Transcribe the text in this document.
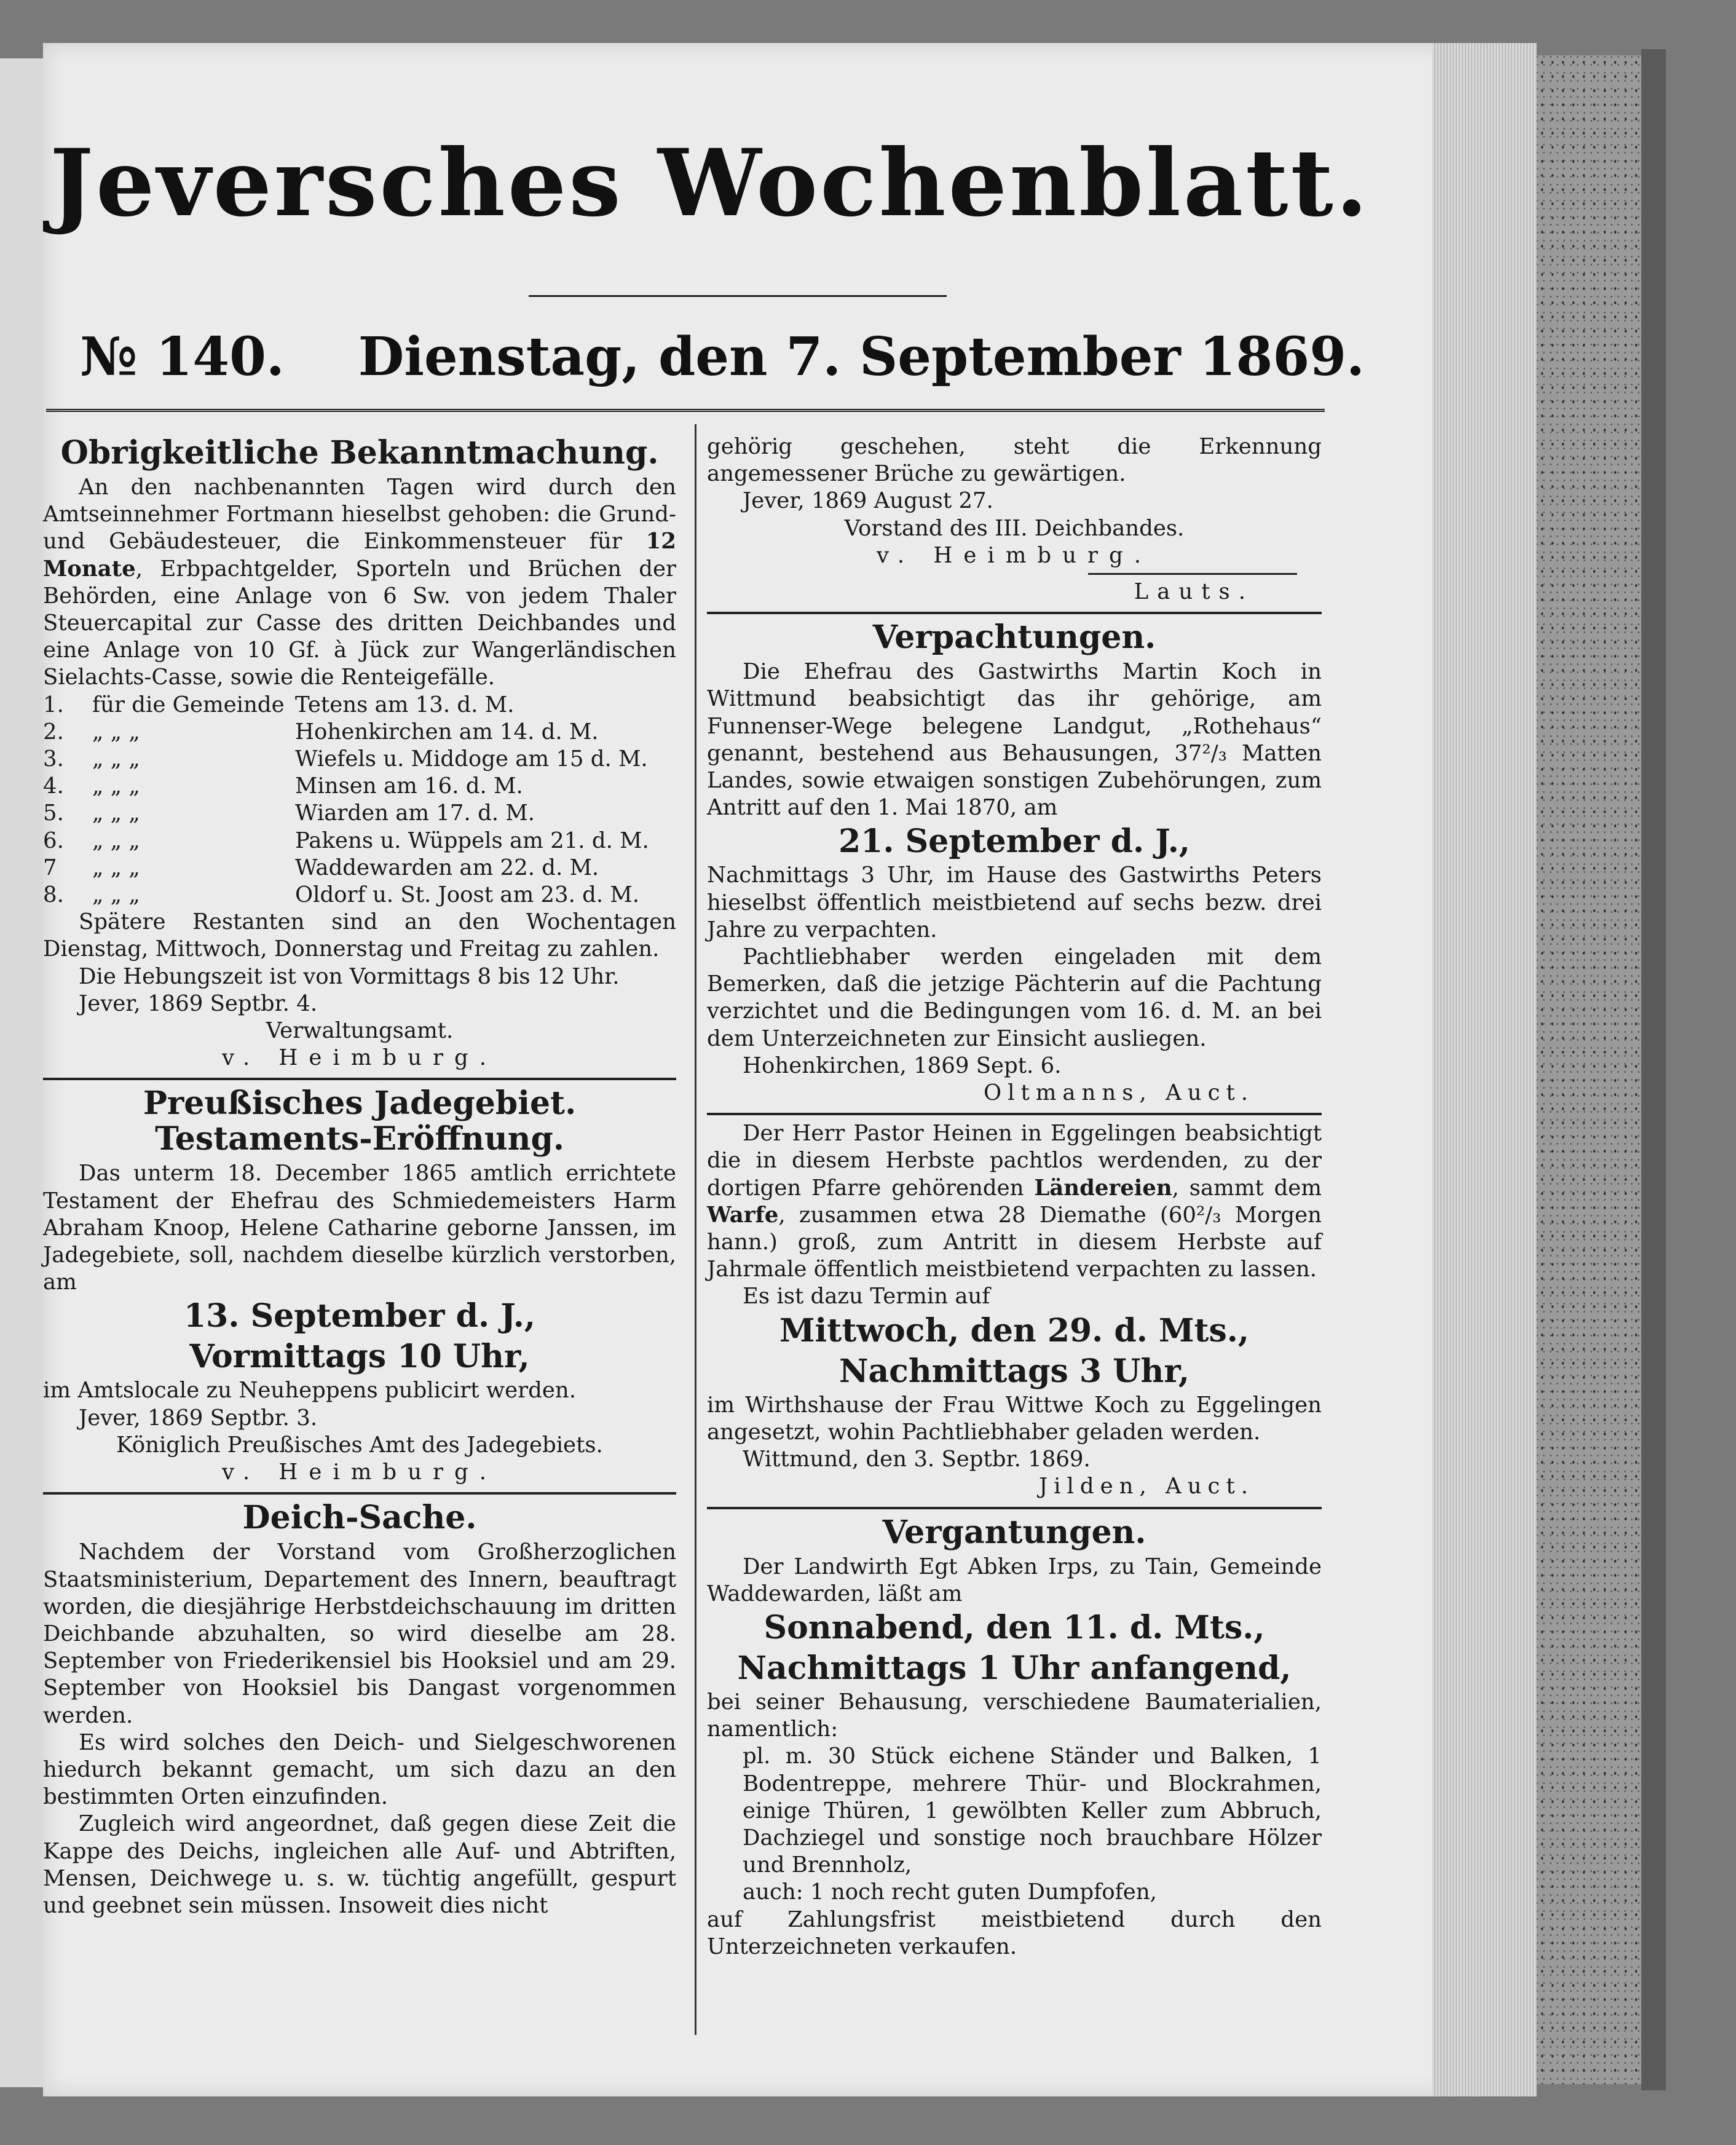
Jeversches Wochenblatt.
№ 140. Dienstag, den 7. September 1869.
Obrigkeitliche Bekanntmachung.

An den nachbenannten Tagen wird durch den Amtseinnehmer Fortmann hieselbst gehoben: die Grund- und Gebäudesteuer, die Einkommensteuer für 12 Monate, Erbpachtgelder, Sporteln und Brüchen der Behörden, eine Anlage von 6 Sw. von jedem Thaler Steuercapital zur Casse des dritten Deichbandes und eine Anlage von 10 Gf. à Jück zur Wangerländischen Sielachts-Casse, sowie die Renteigefälle.

1.	für die Gemeinde Tetens am 13. d. M.
2.	„ „ „	Hohenkirchen am 14. d. M.
3.	„ „ „	Wiefels u. Middoge am 15 d. M.
4.	„ „ „	Minsen am 16. d. M.
5.	„ „ „	Wiarden am 17. d. M.
6.	„ „ „	Pakens u. Wüppels am 21. d. M.
7	„ „ „	Waddewarden am 22. d. M.
8.	„ „ „	Oldorf u. St. Joost am 23. d. M.

Spätere Restanten sind an den Wochentagen Dienstag, Mittwoch, Donnerstag und Freitag zu zahlen.

Die Hebungszeit ist von Vormittags 8 bis 12 Uhr.

Jever, 1869 Septbr. 4.

Verwaltungsamt.
v. Heimburg.
Preußisches Jadegebiet.
Testaments-Eröffnung.

Das unterm 18. December 1865 amtlich errichtete Testament der Ehefrau des Schmiedemeisters Harm Abraham Knoop, Helene Catharine geborne Janssen, im Jadegebiete, soll, nachdem dieselbe kürzlich verstorben, am

13. September d. J.,
Vormittags 10 Uhr,

im Amtslocale zu Neuheppens publicirt werden.

Jever, 1869 Septbr. 3.

Königlich Preußisches Amt des Jadegebiets.
v. Heimburg.
Deich-Sache.

Nachdem der Vorstand vom Großherzoglichen Staatsministerium, Departement des Innern, beauftragt worden, die diesjährige Herbstdeichschauung im dritten Deichbande abzuhalten, so wird dieselbe am 28. September von Friederikensiel bis Hooksiel und am 29. September von Hooksiel bis Dangast vorgenommen werden.

Es wird solches den Deich- und Sielgeschworenen hiedurch bekannt gemacht, um sich dazu an den bestimmten Orten einzufinden.

Zugleich wird angeordnet, daß gegen diese Zeit die Kappe des Deichs, ingleichen alle Auf- und Abtriften, Mensen, Deichwege u. s. w. tüchtig angefüllt, gespurt und geebnet sein müssen. Insoweit dies nicht

gehörig geschehen, steht die Erkennung angemessener Brüche zu gewärtigen.

Jever, 1869 August 27.

Vorstand des III. Deichbandes.
v. Heimburg.
Lauts.
Verpachtungen.

Die Ehefrau des Gastwirths Martin Koch in Wittmund beabsichtigt das ihr gehörige, am Funnenser-Wege belegene Landgut, „Rothehaus“ genannt, bestehend aus Behausungen, 37²/₃ Matten Landes, sowie etwaigen sonstigen Zubehörungen, zum Antritt auf den 1. Mai 1870, am

21. September d. J.,

Nachmittags 3 Uhr, im Hause des Gastwirths Peters hieselbst öffentlich meistbietend auf sechs bezw. drei Jahre zu verpachten.

Pachtliebhaber werden eingeladen mit dem Bemerken, daß die jetzige Pächterin auf die Pachtung verzichtet und die Bedingungen vom 16. d. M. an bei dem Unterzeichneten zur Einsicht ausliegen.

Hohenkirchen, 1869 Sept. 6.

Oltmanns, Auct.

Der Herr Pastor Heinen in Eggelingen beabsichtigt die in diesem Herbste pachtlos werdenden, zu der dortigen Pfarre gehörenden Ländereien, sammt dem Warfe, zusammen etwa 28 Diemathe (60²/₃ Morgen hann.) groß, zum Antritt in diesem Herbste auf Jahrmale öffentlich meistbietend verpachten zu lassen.

Es ist dazu Termin auf

Mittwoch, den 29. d. Mts.,
Nachmittags 3 Uhr,

im Wirthshause der Frau Wittwe Koch zu Eggelingen angesetzt, wohin Pachtliebhaber geladen werden.

Wittmund, den 3. Septbr. 1869.

Jilden, Auct.
Vergantungen.

Der Landwirth Egt Abken Irps, zu Tain, Gemeinde Waddewarden, läßt am

Sonnabend, den 11. d. Mts.,
Nachmittags 1 Uhr anfangend,

bei seiner Behausung, verschiedene Baumaterialien, namentlich:

pl. m. 30 Stück eichene Ständer und Balken, 1 Bodentreppe, mehrere Thür- und Blockrahmen, einige Thüren, 1 gewölbten Keller zum Abbruch, Dachziegel und sonstige noch brauchbare Hölzer und Brennholz,

auch: 1 noch recht guten Dumpfofen,

auf Zahlungsfrist meistbietend durch den Unterzeichneten verkaufen.
